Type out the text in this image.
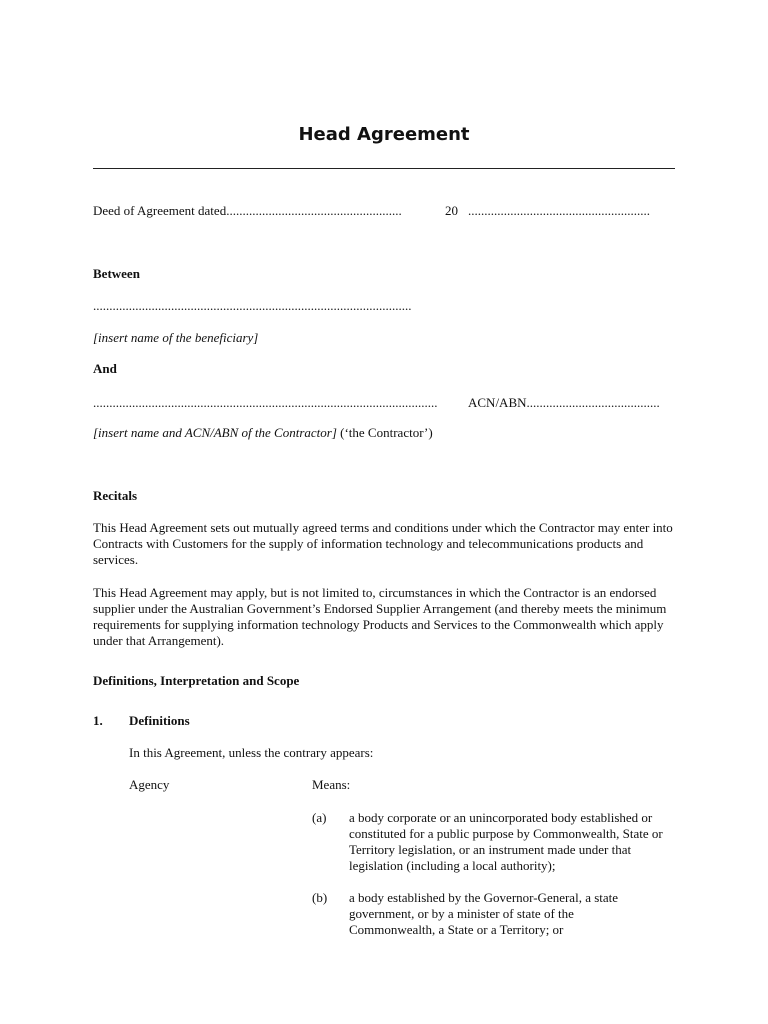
Head Agreement
Deed of Agreement dated......................................................	20 ........................................................
Between
..................................................................................................
[insert name of the beneficiary]
And
..........................................................................................................	ACN/ABN.........................................
[insert name and ACN/ABN of the Contractor] (‘the Contractor’)
Recitals
This Head Agreement sets out mutually agreed terms and conditions under which the Contractor may enter into Contracts with Customers for the supply of information technology and telecommunications products and services.
This Head Agreement may apply, but is not limited to, circumstances in which the Contractor is an endorsed supplier under the Australian Government’s Endorsed Supplier Arrangement (and thereby meets the minimum requirements for supplying information technology Products and Services to the Commonwealth which apply under that Arrangement).
Definitions, Interpretation and Scope
1. Definitions
In this Agreement, unless the contrary appears:
Agency	Means:
(a) a body corporate or an unincorporated body established or constituted for a public purpose by Commonwealth, State or Territory legislation, or an instrument made under that legislation (including a local authority);
(b) a body established by the Governor-General, a state government, or by a minister of state of the Commonwealth, a State or a Territory; or
